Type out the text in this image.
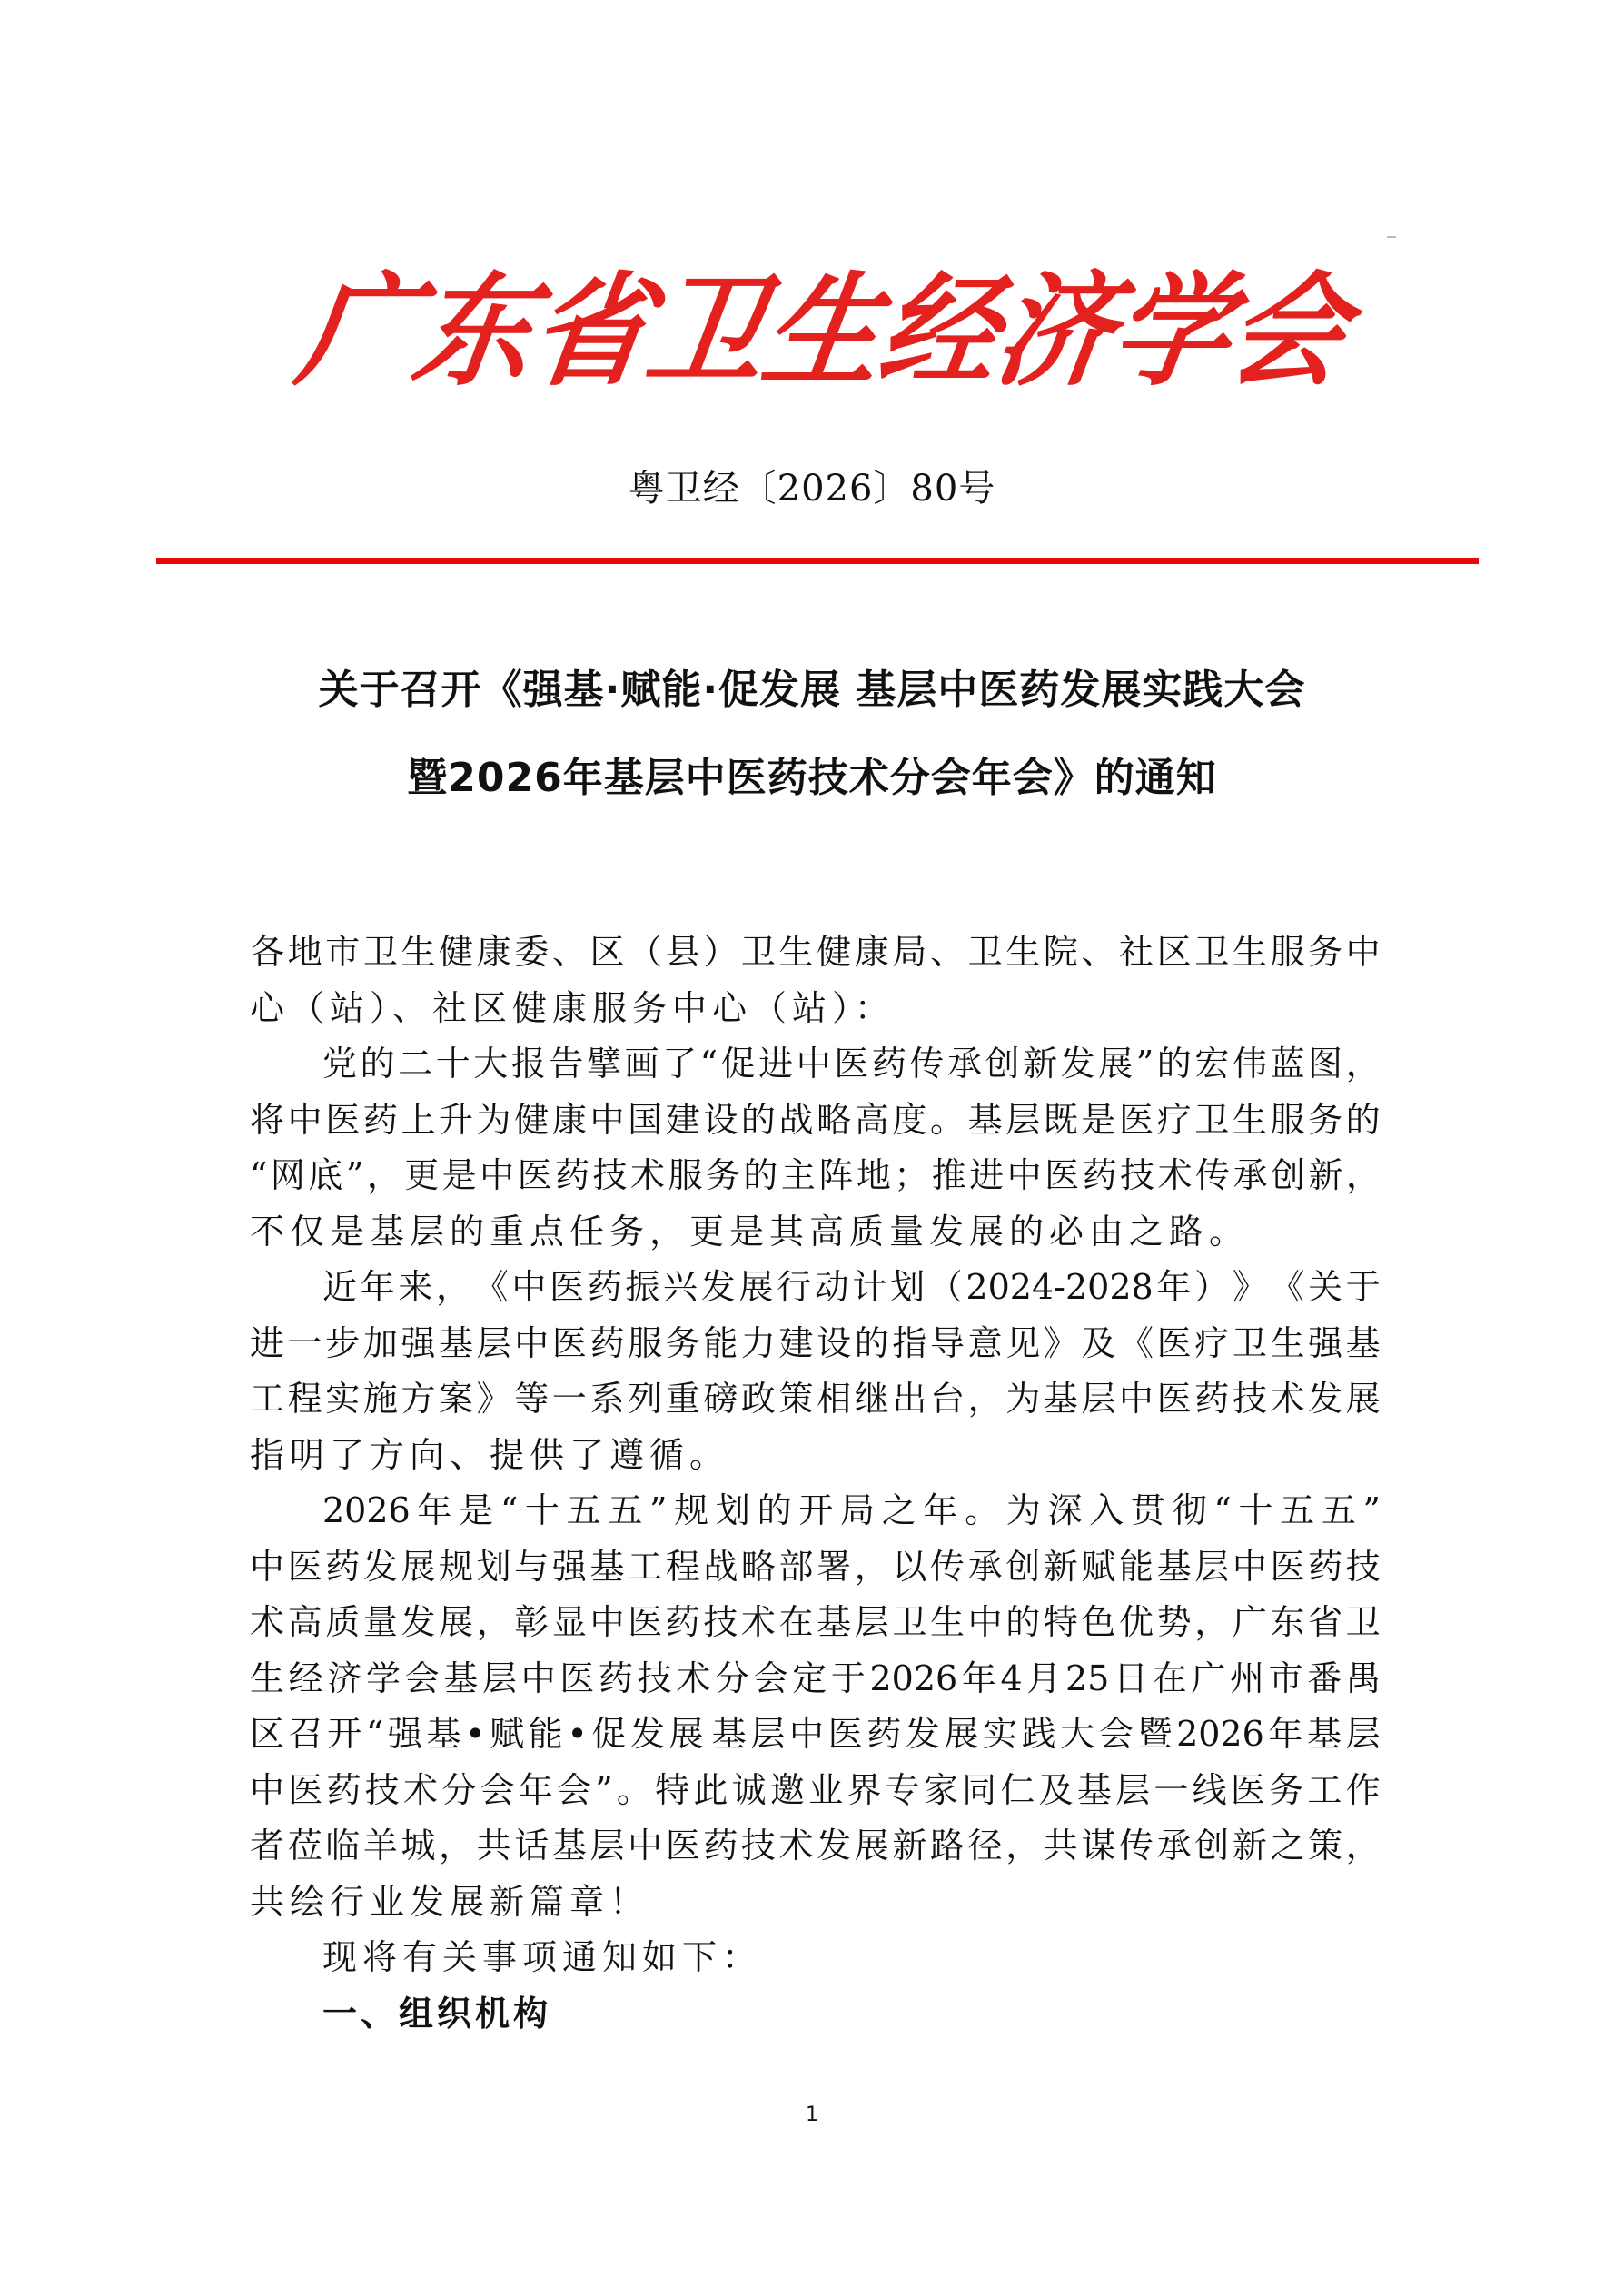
广
东
省
卫
生
经
济
学
会
粤卫经〔2026〕80号
关于召开《强基·赋能·促发展 基层中医药发展实践大会
暨2026年基层中医药技术分会年会》的通知
各 地 市 卫 生 健 康 委 、 区 （ 县 ） 卫 生 健 康 局 、 卫 生 院 、 社 区 卫 生 服 务 中
心（站）、社区健康服务中心（站）：
党 的 二 十 大 报 告 擘 画 了 “ 促 进 中 医 药 传 承 创 新 发 展 ” 的 宏 伟 蓝 图 ，
将 中 医 药 上 升 为 健 康 中 国 建 设 的 战 略 高 度 。 基 层 既 是 医 疗 卫 生 服 务 的
“ 网 底 ” ， 更 是 中 医 药 技 术 服 务 的 主 阵 地 ； 推 进 中 医 药 技 术 传 承 创 新 ，
不仅是基层的重点任务，更是其高质量发展的必由之路。
近 年 来 ， 《 中 医 药 振 兴 发 展 行 动 计 划 （ 2024-2028 年 ） 》 《 关 于
进 一 步 加 强 基 层 中 医 药 服 务 能 力 建 设 的 指 导 意 见 》 及 《 医 疗 卫 生 强 基
工 程 实 施 方 案 》 等 一 系 列 重 磅 政 策 相 继 出 台 ， 为 基 层 中 医 药 技 术 发 展
指明了方向、提供了遵循。
2026 年 是 “ 十 五 五 ” 规 划 的 开 局 之 年 。 为 深 入 贯 彻 “ 十 五 五 ”
中 医 药 发 展 规 划 与 强 基 工 程 战 略 部 署 ， 以 传 承 创 新 赋 能 基 层 中 医 药 技
术 高 质 量 发 展 ， 彰 显 中 医 药 技 术 在 基 层 卫 生 中 的 特 色 优 势 ， 广 东 省 卫
生 经 济 学 会 基 层 中 医 药 技 术 分 会 定 于 2026 年 4 月 25 日 在 广 州 市 番 禺
区 召 开 “ 强 基 • 赋 能 • 促 发 展 基 层 中 医 药 发 展 实 践 大 会 暨 2026 年 基 层
中 医 药 技 术 分 会 年 会 ” 。 特 此 诚 邀 业 界 专 家 同 仁 及 基 层 一 线 医 务 工 作
者 莅 临 羊 城 ， 共 话 基 层 中 医 药 技 术 发 展 新 路 径 ， 共 谋 传 承 创 新 之 策 ，
共绘行业发展新篇章！
现将有关事项通知如下：
一、组织机构
1
